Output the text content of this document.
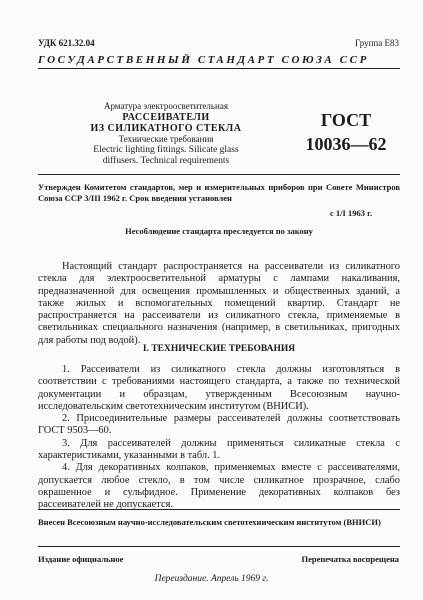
УДК 621.32.04	Группа Е83
ГОСУДАРСТВЕННЫЙ СТАНДАРТ СОЮЗА ССР
Арматура электроосветительная
РАССЕИВАТЕЛИ
ИЗ СИЛИКАТНОГО СТЕКЛА
Технические требования
Electric lighting fittings. Silicate glass
diffusers. Technical requirements
ГОСТ
10036—62
Утвержден Комитетом стандартов, мер и измерительных приборов при Совете Министров Союза ССР 3/III 1962 г. Срок введения установлен
с 1/I 1963 г.
Несоблюдение стандарта преследуется по закону

Настоящий стандарт распространяется на рассеиватели из силикатного стекла для электроосветительной арматуры с лампами накаливания, предназначенной для освещения промышленных и общественных зданий, а также жилых и вспомогательных помещений квартир. Стандарт не распространяется на рассеиватели из силикатного стекла, применяемые в светильниках специального назначения (например, в светильниках, пригодных для работы под водой).

I. ТЕХНИЧЕСКИЕ ТРЕБОВАНИЯ

1. Рассеиватели из силикатного стекла должны изготовляться в соответствии с требованиями настоящего стандарта, а также по технической документации и образцам, утвержденным Всесоюзным научно-исследовательским светотехническим институтом (ВНИСИ).

2. Присоединительные размеры рассеивателей должны соответствовать ГОСТ 9503—60.

3. Для рассеивателей должны применяться силикатные стекла с характеристиками, указанными в табл. 1.

4. Для декоративных колпаков, применяемых вместе с рассеивателями, допускается любое стекло, в том числе силикатное прозрачное, слабо окрашенное и сульфидное. Применение декоративных колпаков без рассеивателей не допускается.

Внесен Всесоюзным научно-исследовательским светотехническим институтом (ВНИСИ)
Издание официальное	Перепечатка воспрещена
Переиздание. Апрель 1969 г.
